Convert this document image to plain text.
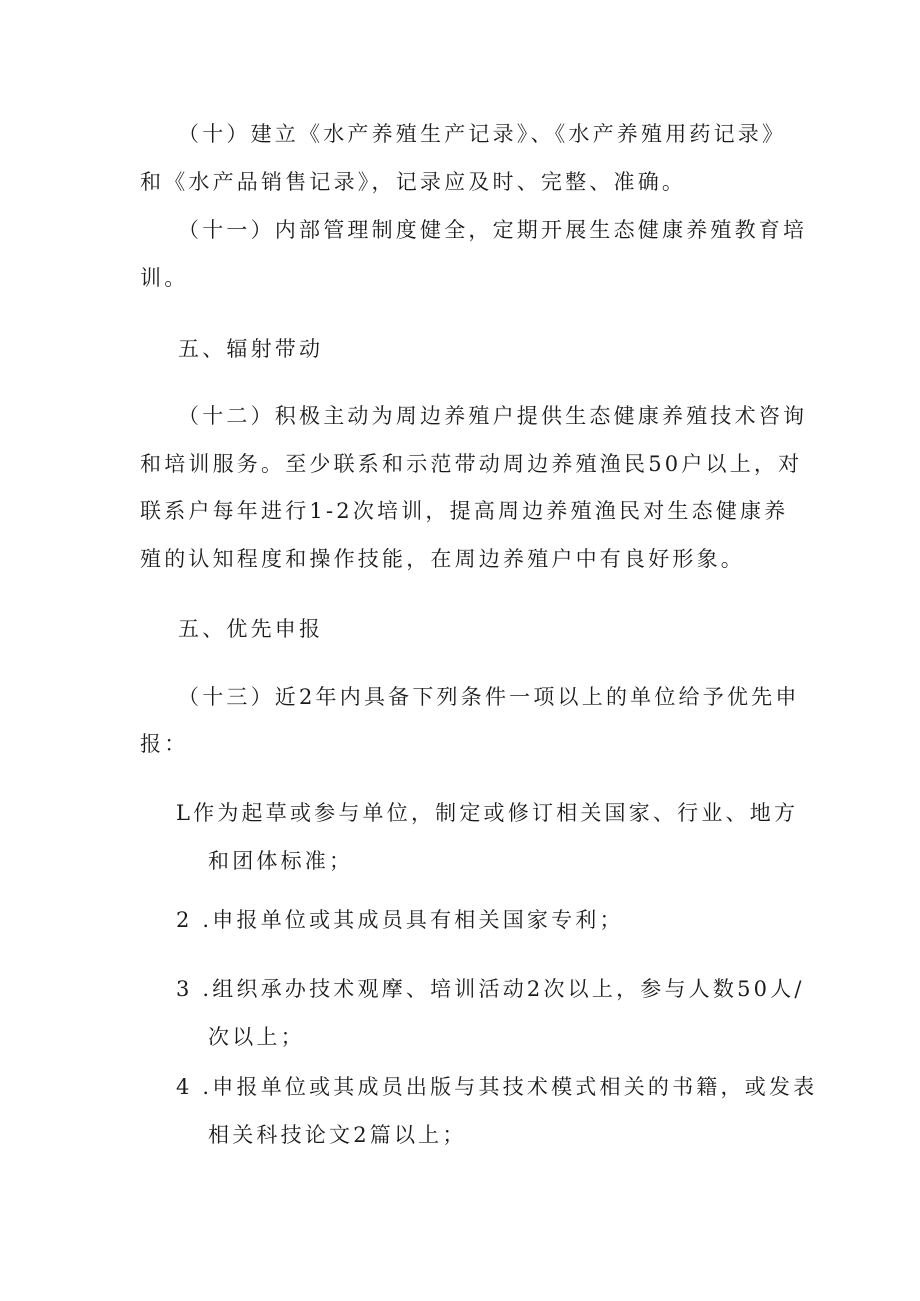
（十）建立《水产养殖生产记录》、《水产养殖用药记录》
和《水产品销售记录》，记录应及时、完整、准确。
（十一）内部管理制度健全，定期开展生态健康养殖教育培
训。
五、辐射带动
（十二）积极主动为周边养殖户提供生态健康养殖技术咨询
和培训服务。至少联系和示范带动周边养殖渔民50户以上，对
联系户每年进行1-2次培训，提高周边养殖渔民对生态健康养
殖的认知程度和操作技能，在周边养殖户中有良好形象。
五、优先申报
（十三）近2年内具备下列条件一项以上的单位给予优先申
报：
L作为起草或参与单位，制定或修订相关国家、行业、地方
和团体标准；
2 .申报单位或其成员具有相关国家专利；
3 .组织承办技术观摩、培训活动2次以上，参与人数50人/
次以上；
4 .申报单位或其成员出版与其技术模式相关的书籍，或发表
相关科技论文2篇以上；
